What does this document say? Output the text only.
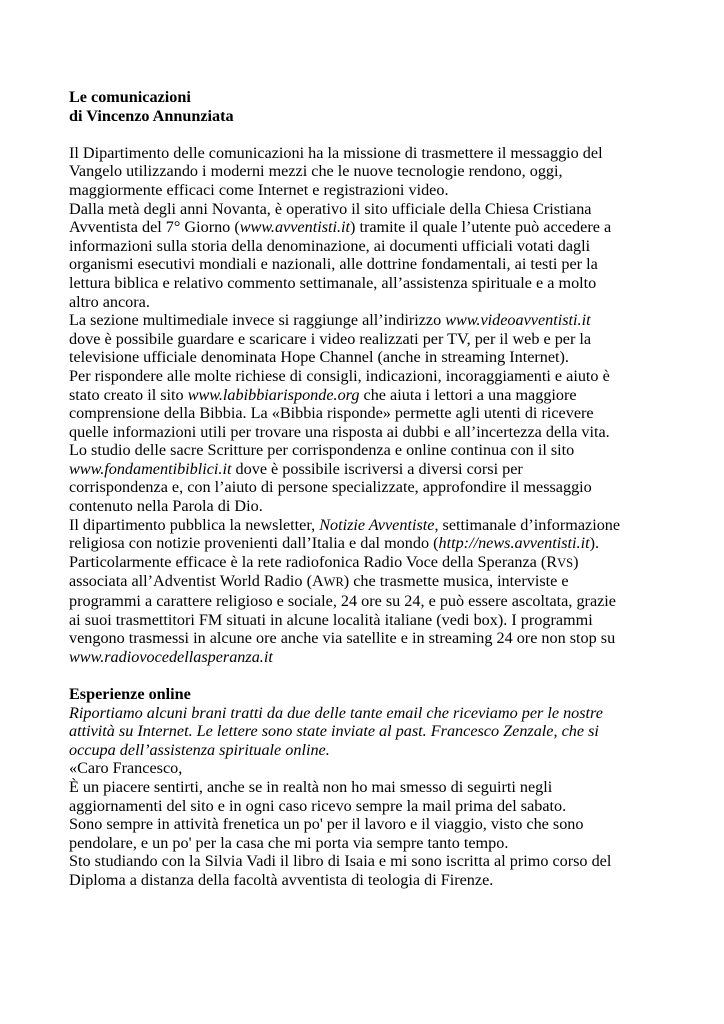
Le comunicazioni
di Vincenzo Annunziata
Il Dipartimento delle comunicazioni ha la missione di trasmettere il messaggio del
Vangelo utilizzando i moderni mezzi che le nuove tecnologie rendono, oggi,
maggiormente efficaci come Internet e registrazioni video.
Dalla metà degli anni Novanta, è operativo il sito ufficiale della Chiesa Cristiana
Avventista del 7° Giorno (www.avventisti.it) tramite il quale l’utente può accedere a
informazioni sulla storia della denominazione, ai documenti ufficiali votati dagli
organismi esecutivi mondiali e nazionali, alle dottrine fondamentali, ai testi per la
lettura biblica e relativo commento settimanale, all’assistenza spirituale e a molto
altro ancora.
La sezione multimediale invece si raggiunge all’indirizzo www.videoavventisti.it
dove è possibile guardare e scaricare i video realizzati per TV, per il web e per la
televisione ufficiale denominata Hope Channel (anche in streaming Internet).
Per rispondere alle molte richiese di consigli, indicazioni, incoraggiamenti e aiuto è
stato creato il sito www.labibbiarisponde.org che aiuta i lettori a una maggiore
comprensione della Bibbia. La «Bibbia risponde» permette agli utenti di ricevere
quelle informazioni utili per trovare una risposta ai dubbi e all’incertezza della vita.
Lo studio delle sacre Scritture per corrispondenza e online continua con il sito
www.fondamentibiblici.it dove è possibile iscriversi a diversi corsi per
corrispondenza e, con l’aiuto di persone specializzate, approfondire il messaggio
contenuto nella Parola di Dio.
Il dipartimento pubblica la newsletter, Notizie Avventiste, settimanale d’informazione
religiosa con notizie provenienti dall’Italia e dal mondo (http://news.avventisti.it).
Particolarmente efficace è la rete radiofonica Radio Voce della Speranza (RVS)
associata all’Adventist World Radio (AWR) che trasmette musica, interviste e
programmi a carattere religioso e sociale, 24 ore su 24, e può essere ascoltata, grazie
ai suoi trasmettitori FM situati in alcune località italiane (vedi box). I programmi
vengono trasmessi in alcune ore anche via satellite e in streaming 24 ore non stop su
www.radiovocedellasperanza.it
Esperienze online
Riportiamo alcuni brani tratti da due delle tante email che riceviamo per le nostre
attività su Internet. Le lettere sono state inviate al past. Francesco Zenzale, che si
occupa dell’assistenza spirituale online.
«Caro Francesco,
È un piacere sentirti, anche se in realtà non ho mai smesso di seguirti negli
aggiornamenti del sito e in ogni caso ricevo sempre la mail prima del sabato.
Sono sempre in attività frenetica un po' per il lavoro e il viaggio, visto che sono
pendolare, e un po' per la casa che mi porta via sempre tanto tempo.
Sto studiando con la Silvia Vadi il libro di Isaia e mi sono iscritta al primo corso del
Diploma a distanza della facoltà avventista di teologia di Firenze.
